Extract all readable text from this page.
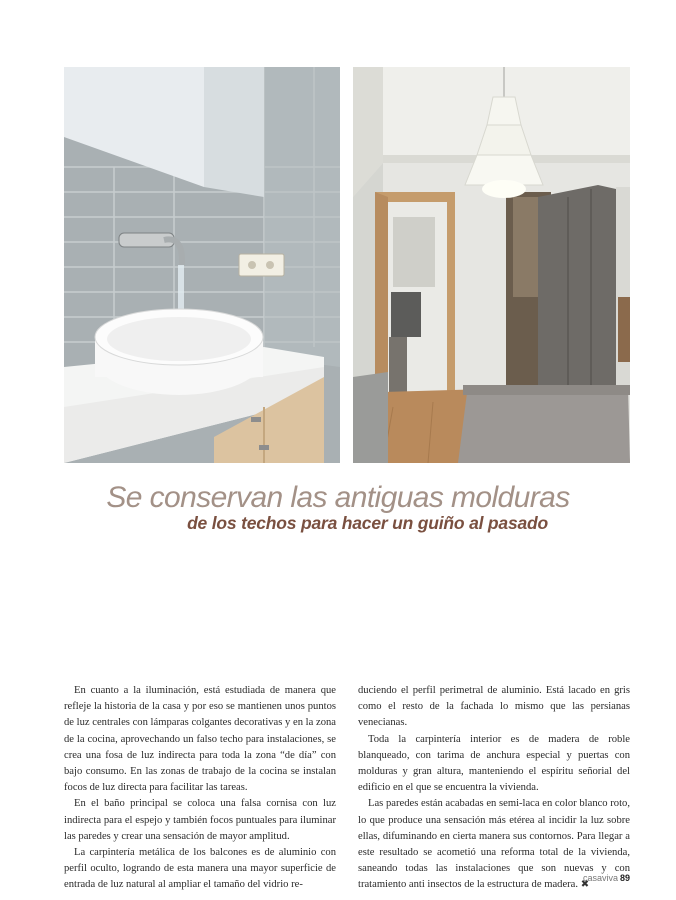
Se conservan las antiguas molduras
de los techos para hacer un guiño al pasado

En cuanto a la iluminación, está estudiada de manera que refleje la historia de la casa y por eso se mantienen unos puntos de luz centrales con lámparas colgantes decorativas y en la zona de la cocina, aprovechando un falso techo para instalaciones, se crea una fosa de luz indirecta para toda la zona “de día” con bajo consumo. En las zonas de trabajo de la cocina se instalan focos de luz directa para facilitar las tareas.

En el baño principal se coloca una falsa cornisa con luz indirecta para el espejo y también focos puntuales para iluminar las paredes y crear una sensación de mayor amplitud.

La carpintería metálica de los balcones es de aluminio con perfil oculto, logrando de esta manera una mayor superficie de entrada de luz natural al ampliar el tamaño del vidrio re-

duciendo el perfil perimetral de aluminio. Está lacado en gris como el resto de la fachada lo mismo que las persianas venecianas.

Toda la carpintería interior es de madera de roble blanqueado, con tarima de anchura especial y puertas con molduras y gran altura, manteniendo el espíritu señorial del edificio en el que se encuentra la vivienda.

Las paredes están acabadas en semi-laca en color blanco roto, lo que produce una sensación más etérea al incidir la luz sobre ellas, difuminando en cierta manera sus contornos. Para llegar a este resultado se acometió una reforma total de la vivienda, saneando todas las instalaciones que son nuevas y con tratamiento anti insectos de la estructura de madera. ✖

casaviva 89
